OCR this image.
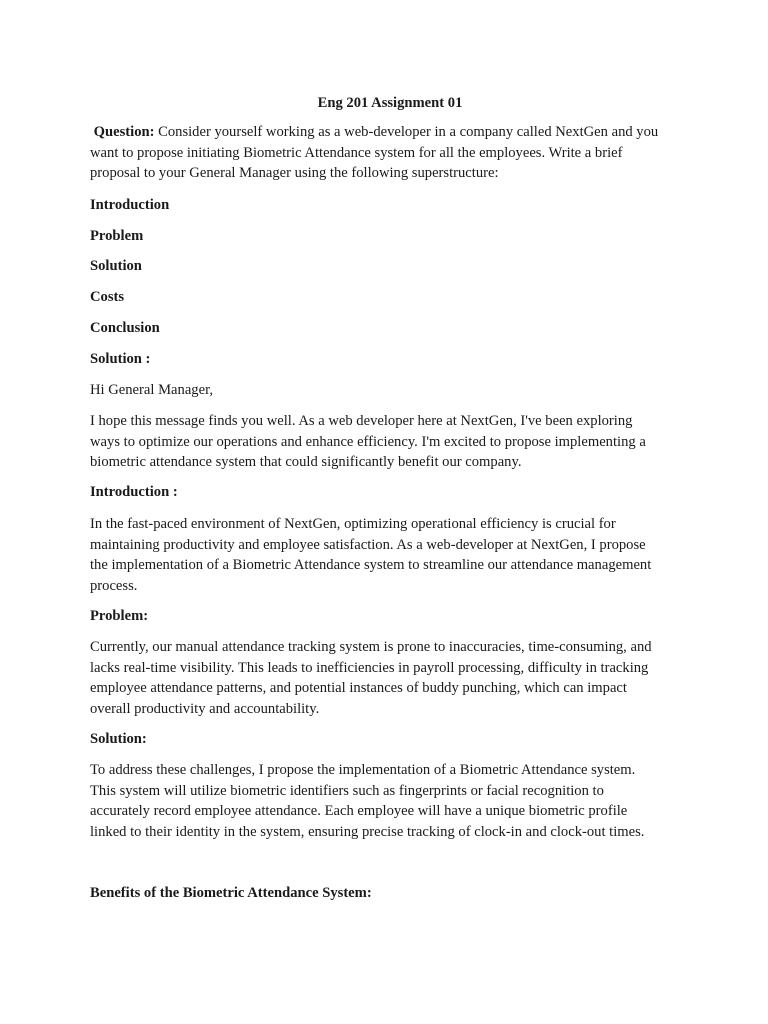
Eng 201 Assignment 01

Question: Consider yourself working as a web-developer in a company called NextGen and you
want to propose initiating Biometric Attendance system for all the employees. Write a brief
proposal to your General Manager using the following superstructure:

Introduction
Problem
Solution
Costs
Conclusion
Solution :
Hi General Manager,

I hope this message finds you well. As a web developer here at NextGen, I've been exploring
ways to optimize our operations and enhance efficiency. I'm excited to propose implementing a
biometric attendance system that could significantly benefit our company.

Introduction :

In the fast-paced environment of NextGen, optimizing operational efficiency is crucial for
maintaining productivity and employee satisfaction. As a web-developer at NextGen, I propose
the implementation of a Biometric Attendance system to streamline our attendance management
process.

Problem:

Currently, our manual attendance tracking system is prone to inaccuracies, time-consuming, and
lacks real-time visibility. This leads to inefficiencies in payroll processing, difficulty in tracking
employee attendance patterns, and potential instances of buddy punching, which can impact
overall productivity and accountability.

Solution:

To address these challenges, I propose the implementation of a Biometric Attendance system.
This system will utilize biometric identifiers such as fingerprints or facial recognition to
accurately record employee attendance. Each employee will have a unique biometric profile
linked to their identity in the system, ensuring precise tracking of clock-in and clock-out times.

Benefits of the Biometric Attendance System:
